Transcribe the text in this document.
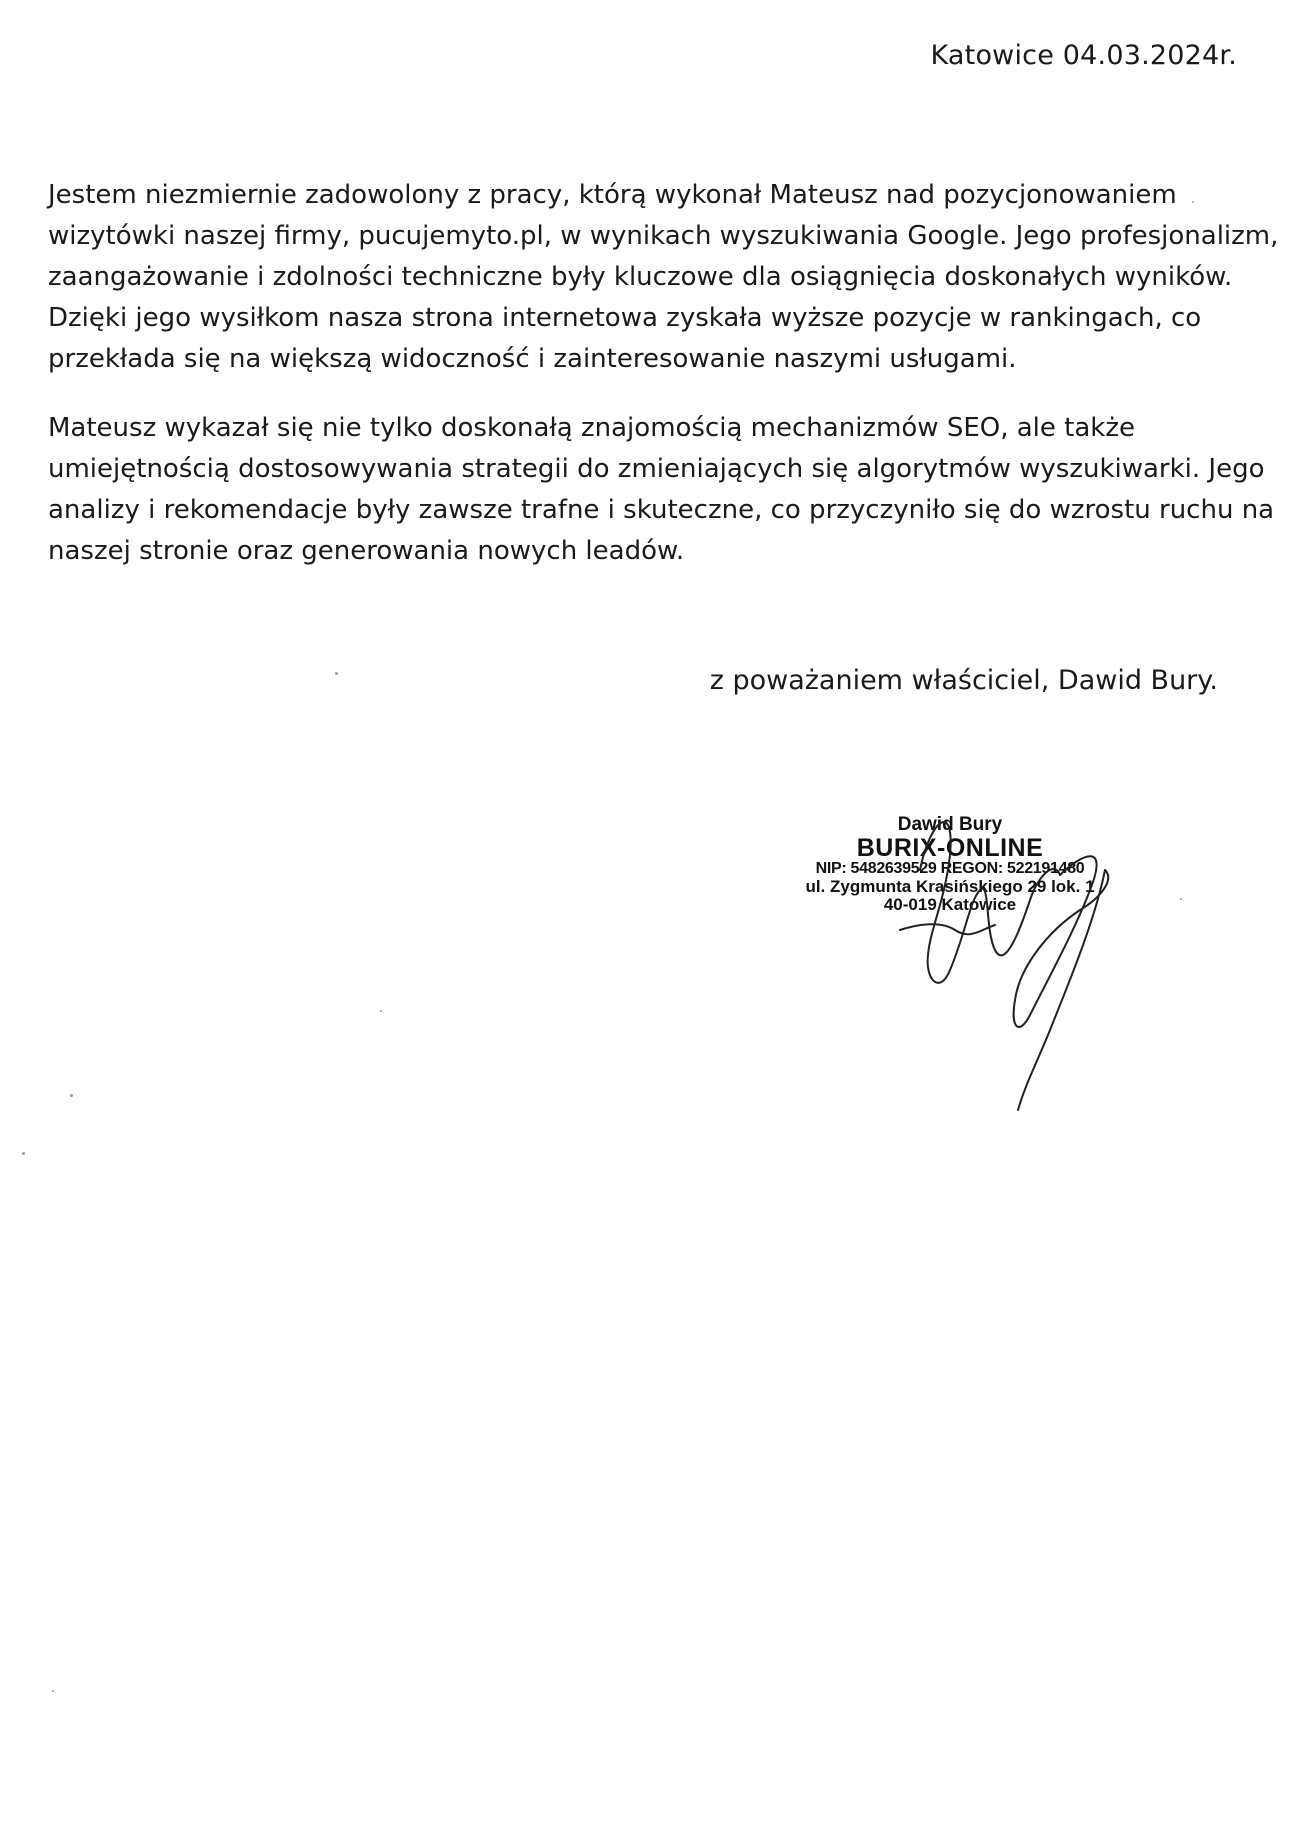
Katowice 04.03.2024r.

Jestem niezmiernie zadowolony z pracy, którą wykonał Mateusz nad pozycjonowaniem
wizytówki naszej firmy, pucujemyto.pl, w wynikach wyszukiwania Google. Jego profesjonalizm,
zaangażowanie i zdolności techniczne były kluczowe dla osiągnięcia doskonałych wyników.
Dzięki jego wysiłkom nasza strona internetowa zyskała wyższe pozycje w rankingach, co
przekłada się na większą widoczność i zainteresowanie naszymi usługami.

Mateusz wykazał się nie tylko doskonałą znajomością mechanizmów SEO, ale także
umiejętnością dostosowywania strategii do zmieniających się algorytmów wyszukiwarki. Jego
analizy i rekomendacje były zawsze trafne i skuteczne, co przyczyniło się do wzrostu ruchu na
naszej stronie oraz generowania nowych leadów.

z poważaniem właściciel, Dawid Bury.

Dawid Bury
BURIX-ONLINE
NIP: 5482639529 REGON: 522191480
ul. Zygmunta Krasińskiego 29 lok. 1
40-019 Katowice
